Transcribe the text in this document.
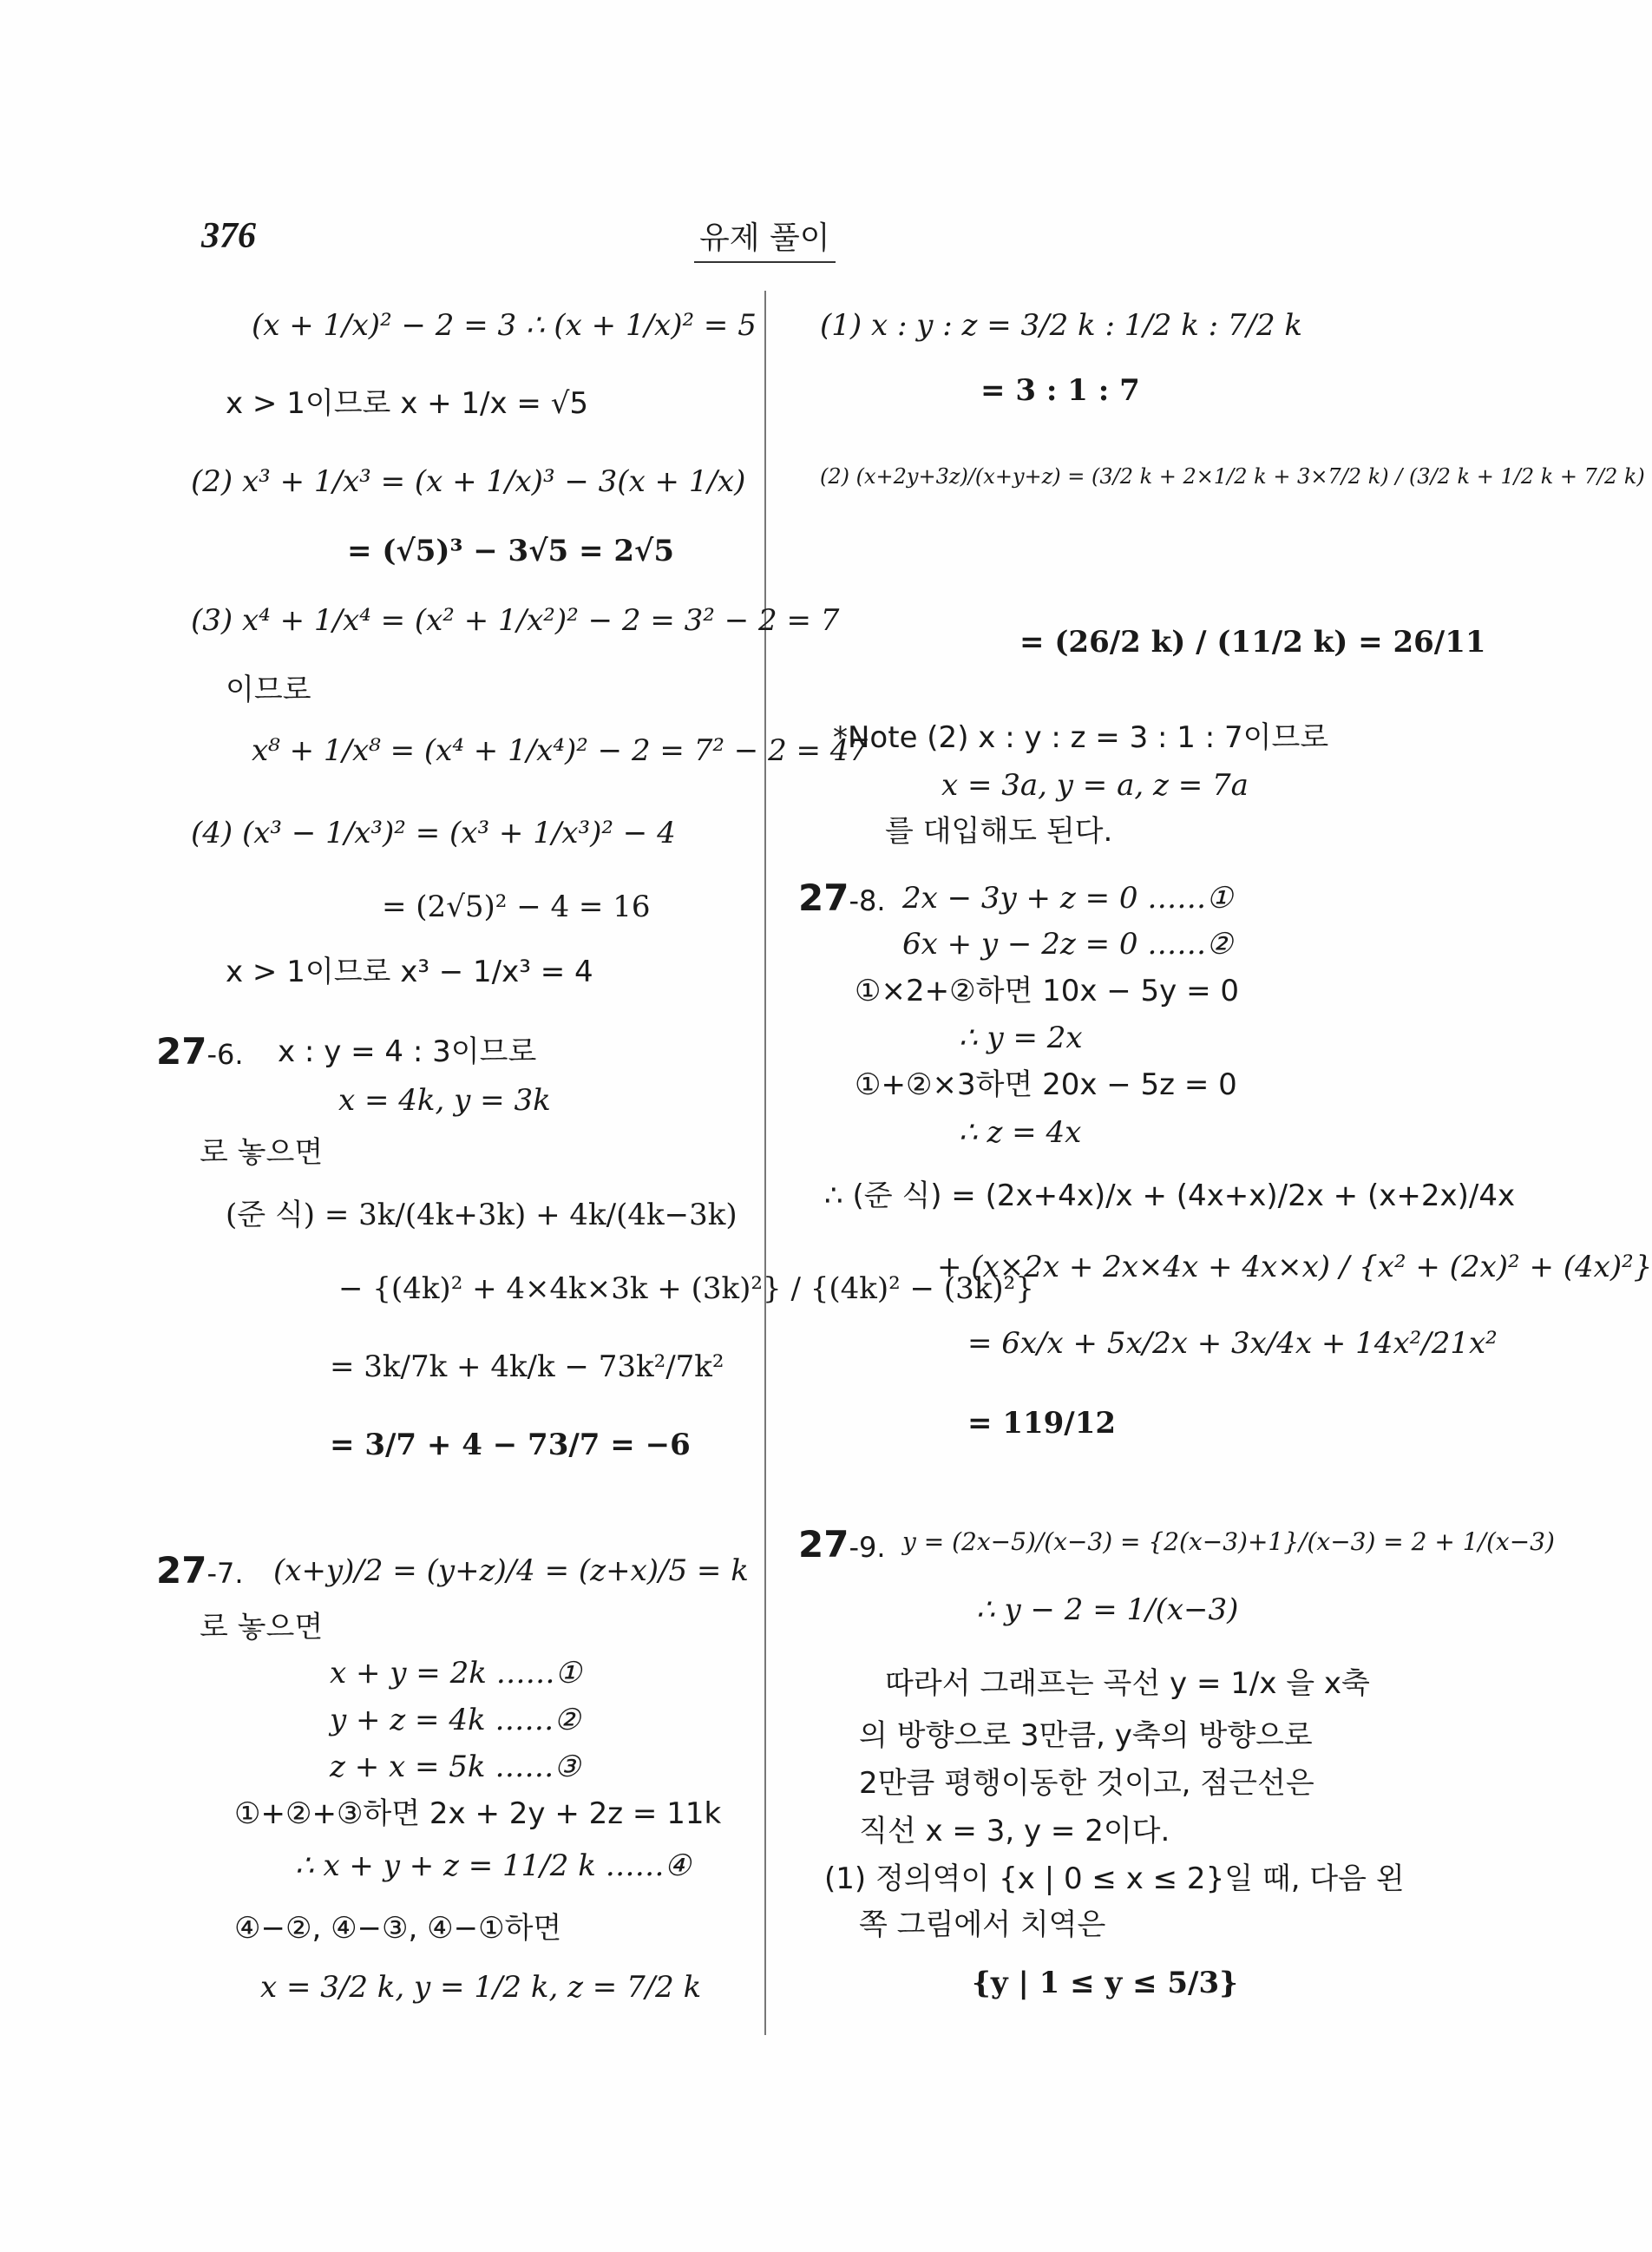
376	유제 풀이
(x + 1/x)² − 2 = 3 ∴ (x + 1/x)² = 5
x > 1이므로 x + 1/x = √5
(2) x³ + 1/x³ = (x + 1/x)³ − 3(x + 1/x)
= (√5)³ − 3√5 = 2√5
(3) x⁴ + 1/x⁴ = (x² + 1/x²)² − 2 = 3² − 2 = 7
이므로
x⁸ + 1/x⁸ = (x⁴ + 1/x⁴)² − 2 = 7² − 2 = 47
(4) (x³ − 1/x³)² = (x³ + 1/x³)² − 4
= (2√5)² − 4 = 16
x > 1이므로 x³ − 1/x³ = 4
27-6. x : y = 4 : 3이므로
x = 4k, y = 3k
로 놓으면
(준 식) = 3k/(4k+3k) + 4k/(4k−3k)
− {(4k)² + 4×4k×3k + (3k)²} / {(4k)² − (3k)²}
= 3k/7k + 4k/k − 73k²/7k²
= 3/7 + 4 − 73/7 = −6
27-7. (x+y)/2 = (y+z)/4 = (z+x)/5 = k
로 놓으면
x + y = 2k ……①
y + z = 4k ……②
z + x = 5k ……③
①+②+③하면 2x + 2y + 2z = 11k
∴ x + y + z = 11/2 k ……④
④−②, ④−③, ④−①하면
x = 3/2 k, y = 1/2 k, z = 7/2 k
(1) x : y : z = 3/2 k : 1/2 k : 7/2 k
= 3 : 1 : 7
(2) (x+2y+3z)/(x+y+z) = (3/2 k + 2×1/2 k + 3×7/2 k) / (3/2 k + 1/2 k + 7/2 k)
= (26/2 k) / (11/2 k) = 26/11
*Note (2) x : y : z = 3 : 1 : 7이므로
x = 3a, y = a, z = 7a
를 대입해도 된다.
27-8. 2x − 3y + z = 0 ……①
6x + y − 2z = 0 ……②
①×2+②하면 10x − 5y = 0
∴ y = 2x
①+②×3하면 20x − 5z = 0
∴ z = 4x
∴ (준 식) = (2x+4x)/x + (4x+x)/2x + (x+2x)/4x
+ (x×2x + 2x×4x + 4x×x) / {x² + (2x)² + (4x)²}
= 6x/x + 5x/2x + 3x/4x + 14x²/21x²
= 119/12
27-9. y = (2x−5)/(x−3) = {2(x−3)+1}/(x−3) = 2 + 1/(x−3)
∴ y − 2 = 1/(x−3)
따라서 그래프는 곡선 y = 1/x 을 x축
의 방향으로 3만큼, y축의 방향으로
2만큼 평행이동한 것이고, 점근선은
직선 x = 3, y = 2이다.
(1) 정의역이 {x | 0 ≤ x ≤ 2}일 때, 다음 왼
쪽 그림에서 치역은
{y | 1 ≤ y ≤ 5/3}
